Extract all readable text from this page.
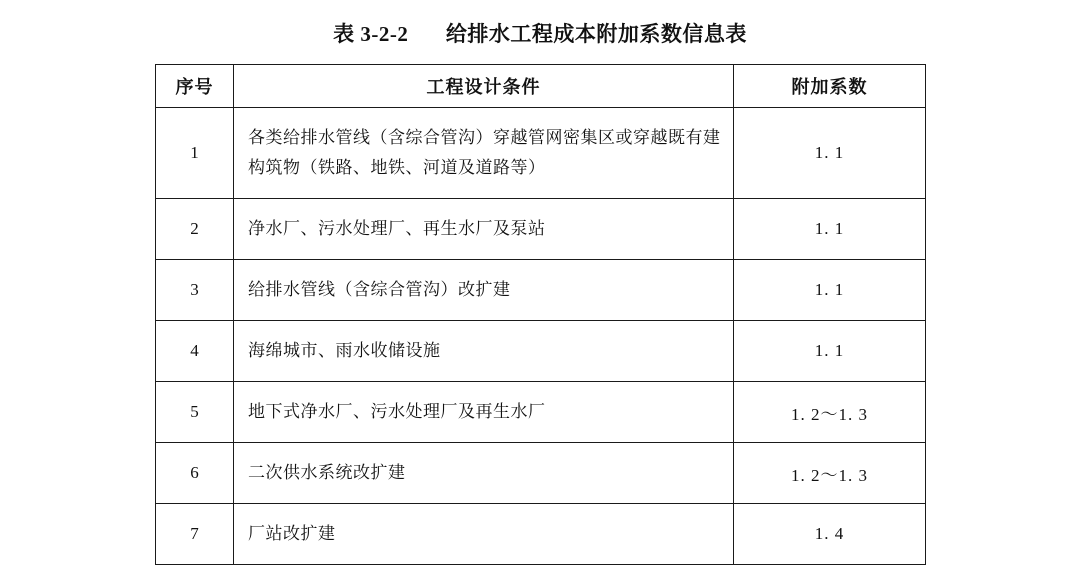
表 3-2-2 给排水工程成本附加系数信息表
序号	工程设计条件	附加系数
1	各类给排水管线（含综合管沟）穿越管网密集区或穿越既有建构筑物（铁路、地铁、河道及道路等）	1. 1
2	净水厂、污水处理厂、再生水厂及泵站	1. 1
3	给排水管线（含综合管沟）改扩建	1. 1
4	海绵城市、雨水收储设施	1. 1
5	地下式净水厂、污水处理厂及再生水厂	1. 2～1. 3
6	二次供水系统改扩建	1. 2～1. 3
7	厂站改扩建	1. 4
